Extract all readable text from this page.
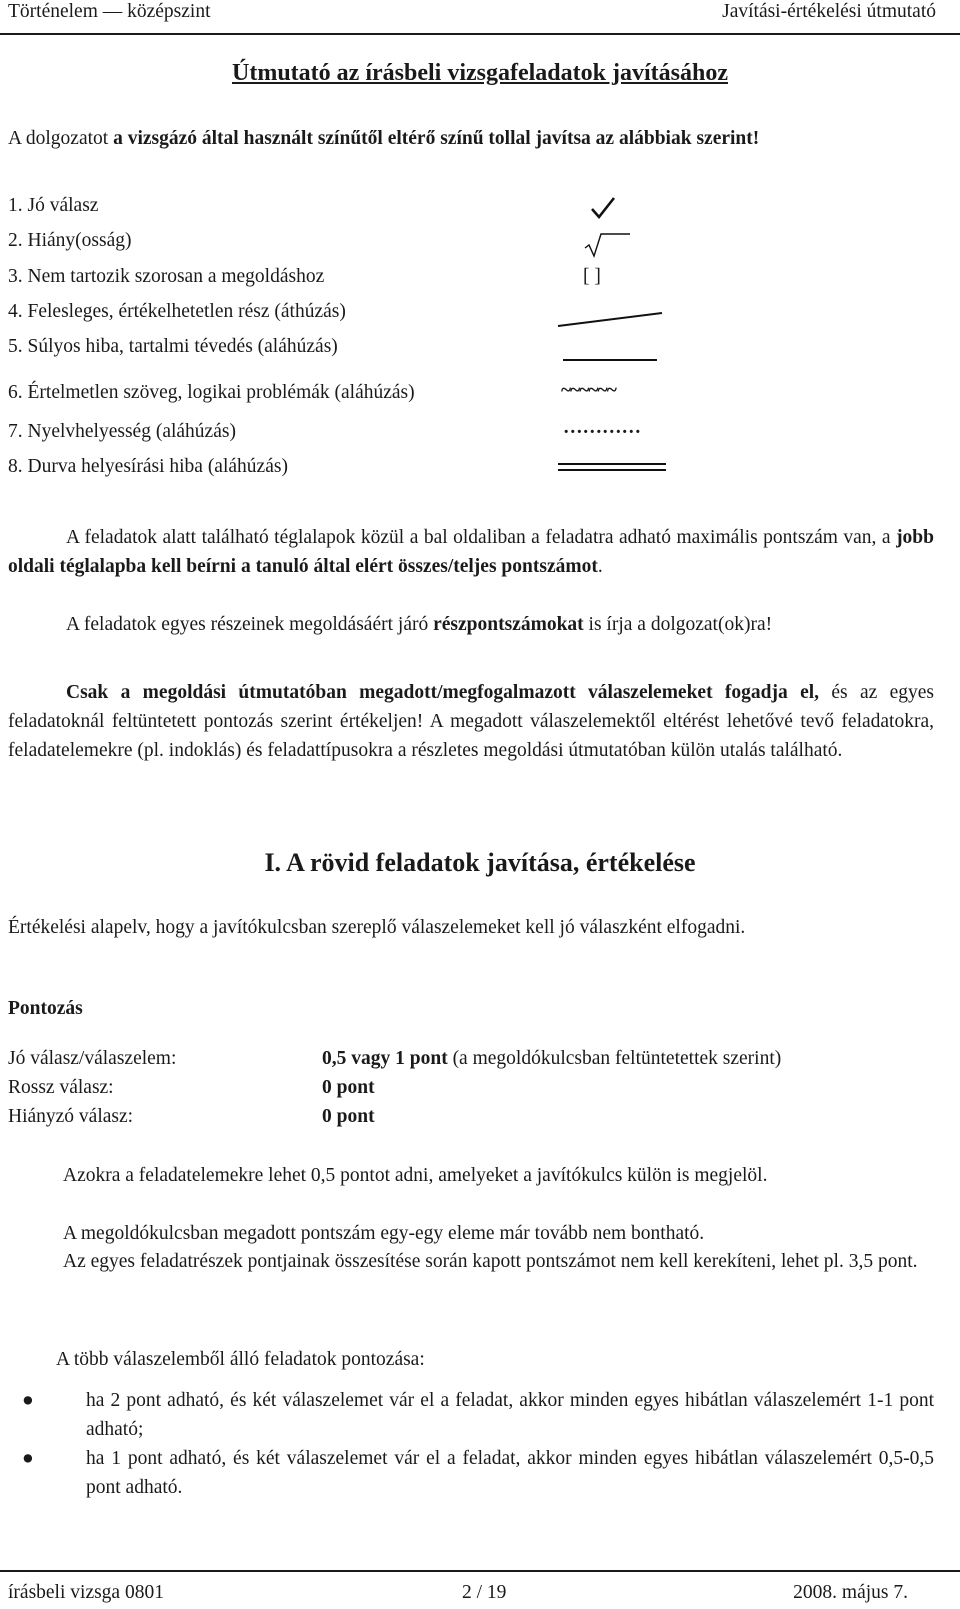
Történelem — középszint	Javítási-értékelési útmutató
Útmutató az írásbeli vizsgafeladatok javításához
A dolgozatot a vizsgázó által használt színűtől eltérő színű tollal javítsa az alábbiak szerint!
1. Jó válasz
2. Hiány(osság)
3. Nem tartozik szorosan a megoldáshoz	[ ]
4. Felesleges, értékelhetetlen rész (áthúzás)
5. Súlyos hiba, tartalmi tévedés (aláhúzás)
6. Értelmetlen szöveg, logikai problémák (aláhúzás)	~~~~~~
7. Nyelvhelyesség (aláhúzás)	…………
8. Durva helyesírási hiba (aláhúzás)
A feladatok alatt található téglalapok közül a bal oldaliban a feladatra adható maximális pontszám van, a jobb oldali téglalapba kell beírni a tanuló által elért összes/teljes pontszámot.
A feladatok egyes részeinek megoldásáért járó részpontszámokat is írja a dolgozat(ok)ra!
Csak a megoldási útmutatóban megadott/megfogalmazott válaszelemeket fogadja el, és az egyes feladatoknál feltüntetett pontozás szerint értékeljen! A megadott válaszelemektől eltérést lehetővé tevő feladatokra, feladatelemekre (pl. indoklás) és feladattípusokra a részletes megoldási útmutatóban külön utalás található.
I. A rövid feladatok javítása, értékelése
Értékelési alapelv, hogy a javítókulcsban szereplő válaszelemeket kell jó válaszként elfogadni.
Pontozás
Jó válasz/válaszelem:	0,5 vagy 1 pont (a megoldókulcsban feltüntetettek szerint)
Rossz válasz:	0 pont
Hiányzó válasz:	0 pont
Azokra a feladatelemekre lehet 0,5 pontot adni, amelyeket a javítókulcs külön is megjelöl.
A megoldókulcsban megadott pontszám egy-egy eleme már tovább nem bontható.
Az egyes feladatrészek pontjainak összesítése során kapott pontszámot nem kell kerekíteni, lehet pl. 3,5 pont.
A több válaszelemből álló feladatok pontozása:
●	ha 2 pont adható, és két válaszelemet vár el a feladat, akkor minden egyes hibátlan válaszelemért 1-1 pont adható;
●	ha 1 pont adható, és két válaszelemet vár el a feladat, akkor minden egyes hibátlan válaszelemért 0,5-0,5 pont adható.
írásbeli vizsga 0801	2 / 19	2008. május 7.
